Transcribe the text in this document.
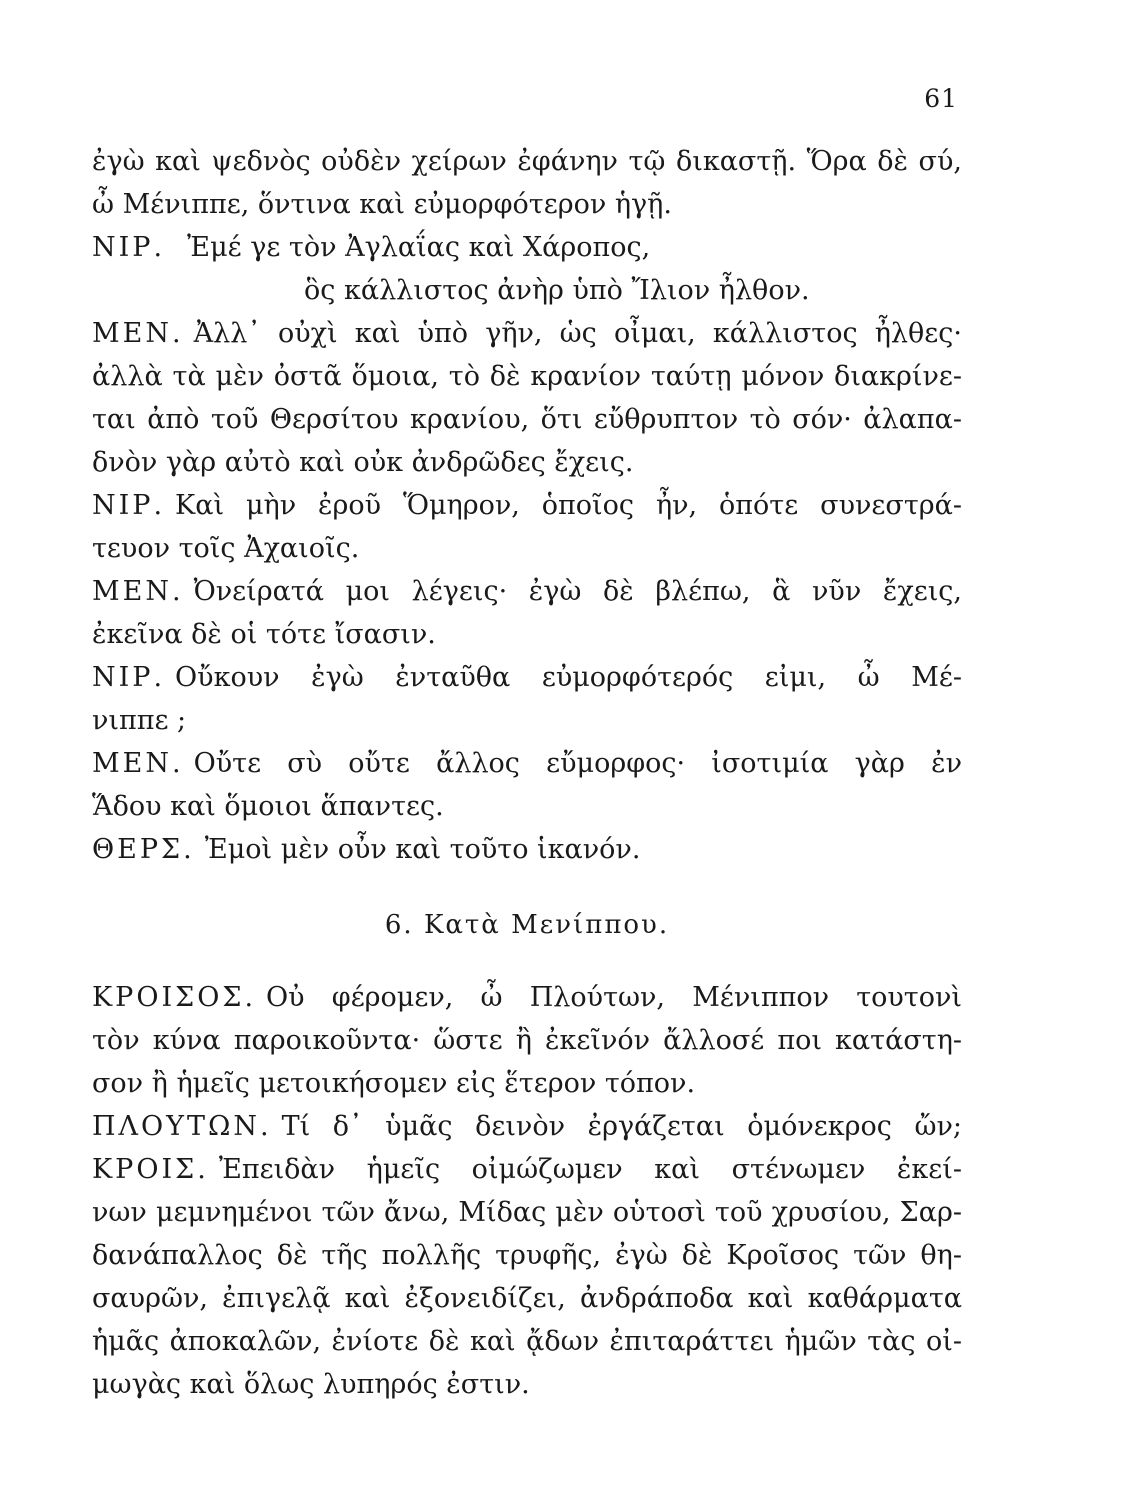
61
ἐγὼ καὶ ψεδνὸς οὐδὲν χείρων ἐφάνην τῷ δικαστῇ. Ὅρα δὲ σύ,
ὦ Μένιππε, ὅντινα καὶ εὐμορφότερον ἡγῇ.
ΝΙΡ. Ἐμέ γε τὸν Ἀγλαΐας καὶ Χάροπος,
ὃς κάλλιστος ἀνὴρ ὑπὸ Ἴλιον ἦλθον.
ΜΕΝ. Ἀλλ᾿ οὐχὶ καὶ ὑπὸ γῆν, ὡς οἶμαι, κάλλιστος ἦλθες·
ἀλλὰ τὰ μὲν ὀστᾶ ὅμοια, τὸ δὲ κρανίον ταύτῃ μόνον διακρίνε-
ται ἀπὸ τοῦ Θερσίτου κρανίου, ὅτι εὔθρυπτον τὸ σόν· ἀλαπα-
δνὸν γὰρ αὐτὸ καὶ οὐκ ἀνδρῶδες ἔχεις.
ΝΙΡ. Καὶ μὴν ἐροῦ Ὅμηρον, ὁποῖος ἦν, ὁπότε συνεστρά-
τευον τοῖς Ἀχαιοῖς.
ΜΕΝ. Ὀνείρατά μοι λέγεις· ἐγὼ δὲ βλέπω, ἃ νῦν ἔχεις,
ἐκεῖνα δὲ οἱ τότε ἴσασιν.
ΝΙΡ. Οὔκουν ἐγὼ ἐνταῦθα εὐμορφότερός εἰμι, ὦ Μέ-
νιππε ;
ΜΕΝ. Οὔτε σὺ οὔτε ἄλλος εὔμορφος· ἰσοτιμία γὰρ ἐν
Ἅδου καὶ ὅμοιοι ἅπαντες.
ΘΕΡΣ. Ἐμοὶ μὲν οὖν καὶ τοῦτο ἱκανόν.
6. Κατὰ Μενίππου.
ΚΡΟΙΣΟΣ. Οὐ φέρομεν, ὦ Πλούτων, Μένιππον τουτονὶ
τὸν κύνα παροικοῦντα· ὥστε ἢ ἐκεῖνόν ἄλλοσέ ποι κατάστη-
σον ἢ ἡμεῖς μετοικήσομεν εἰς ἕτερον τόπον.
ΠΛΟΥΤΩΝ. Τί δ᾿ ὑμᾶς δεινὸν ἐργάζεται ὁμόνεκρος ὤν;
ΚΡΟΙΣ. Ἐπειδὰν ἡμεῖς οἰμώζωμεν καὶ στένωμεν ἐκεί-
νων μεμνημένοι τῶν ἄνω, Μίδας μὲν οὑτοσὶ τοῦ χρυσίου, Σαρ-
δανάπαλλος δὲ τῆς πολλῆς τρυφῆς, ἐγὼ δὲ Κροῖσος τῶν θη-
σαυρῶν, ἐπιγελᾷ καὶ ἐξονειδίζει, ἀνδράποδα καὶ καθάρματα
ἡμᾶς ἀποκαλῶν, ἐνίοτε δὲ καὶ ᾄδων ἐπιταράττει ἡμῶν τὰς οἰ-
μωγὰς καὶ ὅλως λυπηρός ἐστιν.
